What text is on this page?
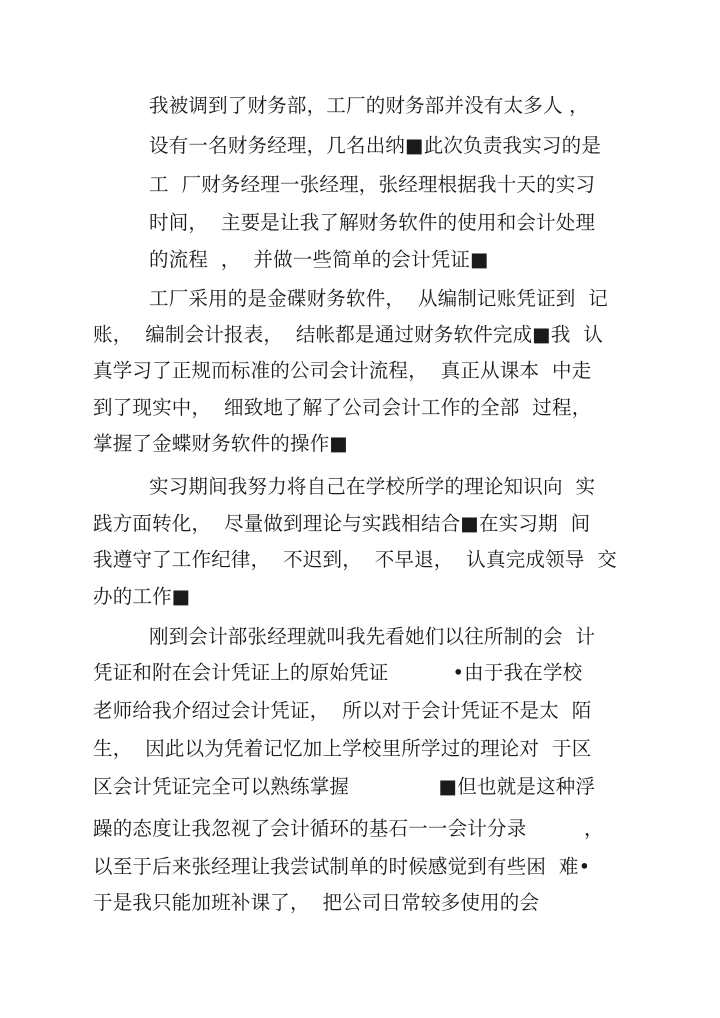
我被调到了财务部，工厂的财务部并没有太多人 ，
设有一名财务经理，几名出纳■此次负责我实习的是
工  厂财务经理一张经理，张经理根据我十天的实习
时间，  主要是让我了解财务软件的使用和会计处理
的流程  ，  并做一些简单的会计凭证■
工厂采用的是金碟财务软件，  从编制记账凭证到  记
账，  编制会计报表，  结帐都是通过财务软件完成■我  认
真学习了正规而标准的公司会计流程，  真正从课本  中走
到了现实中，  细致地了解了公司会计工作的全部  过程，
掌握了金蝶财务软件的操作■
实习期间我努力将自己在学校所学的理论知识向  实
践方面转化，  尽量做到理论与实践相结合■在实习期  间
我遵守了工作纪律，  不迟到，  不早退，  认真完成领导  交
办的工作■
刚到会计部张经理就叫我先看她们以往所制的会  计
凭证和附在会计凭证上的原始凭证          •由于我在学校
老师给我介绍过会计凭证，  所以对于会计凭证不是太  陌
生，  因此以为凭着记忆加上学校里所学过的理论对  于区
区会计凭证完全可以熟练掌握              ■但也就是这种浮
躁的态度让我忽视了会计循环的基石一一会计分录         ，
以至于后来张经理让我尝试制单的时候感觉到有些困  难•
于是我只能加班补课了，  把公司日常较多使用的会
